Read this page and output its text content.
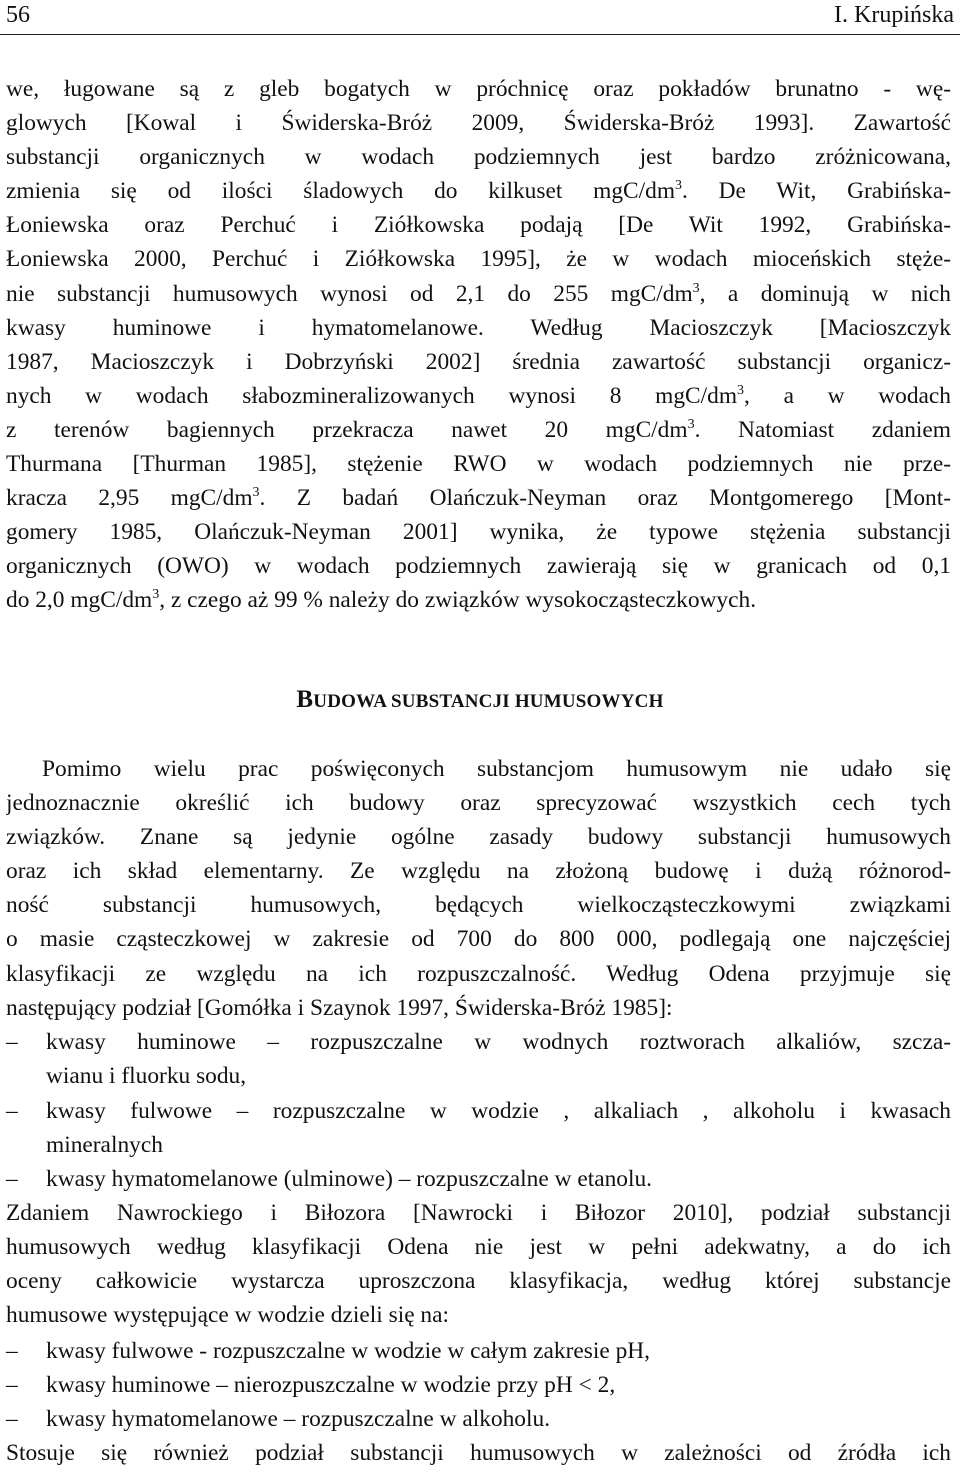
56	I. Krupińska
we, ługowane są z gleb bogatych w próchnicę oraz pokładów brunatno - wę-
glowych [Kowal i Świderska-Bróż 2009, Świderska-Bróż 1993]. Zawartość
substancji organicznych w wodach podziemnych jest bardzo zróżnicowana,
zmienia się od ilości śladowych do kilkuset mgC/$dm^3$. De Wit, Grabińska-
Łoniewska oraz Perchuć i Ziółkowska podają [De Wit 1992, Grabińska-
Łoniewska 2000, Perchuć i Ziółkowska 1995], że w wodach mioceńskich stęże-
nie substancji humusowych wynosi od 2,1 do 255 mgC/$dm^3$, a dominują w nich
kwasy huminowe i hymatomelanowe. Według Macioszczyk [Macioszczyk
1987, Macioszczyk i Dobrzyński 2002] średnia zawartość substancji organicz-
nych w wodach słabozmineralizowanych wynosi 8 mgC/$dm^3$, a w wodach
z terenów bagiennych przekracza nawet 20 mgC/$dm^3$. Natomiast zdaniem
Thurmana [Thurman 1985], stężenie RWO w wodach podziemnych nie prze-
kracza 2,95 mgC/$dm^3$. Z badań Olańczuk-Neyman oraz Montgomerego [Mont-
gomery 1985, Olańczuk-Neyman 2001] wynika, że typowe stężenia substancji
organicznych (OWO) w wodach podziemnych zawierają się w granicach od 0,1
do 2,0 mgC/$dm^3$, z czego aż 99 % należy do związków wysokocząsteczkowych.
BUDOWA SUBSTANCJI HUMUSOWYCH
Pomimo wielu prac poświęconych substancjom humusowym nie udało się
jednoznacznie określić ich budowy oraz sprecyzować wszystkich cech tych
związków. Znane są jedynie ogólne zasady budowy substancji humusowych
oraz ich skład elementarny. Ze względu na złożoną budowę i dużą różnorod-
ność substancji humusowych, będących wielkocząsteczkowymi związkami
o masie cząsteczkowej w zakresie od 700 do 800 000, podlegają one najczęściej
klasyfikacji ze względu na ich rozpuszczalność. Według Odena przyjmuje się
następujący podział [Gomółka i Szaynok 1997, Świderska-Bróż 1985]:
–	kwasy huminowe – rozpuszczalne w wodnych roztworach alkaliów, szcza-
wianu i fluorku sodu,
–	kwasy fulwowe – rozpuszczalne w wodzie , alkaliach , alkoholu i kwasach
mineralnych
–	kwasy hymatomelanowe (ulminowe) – rozpuszczalne w etanolu.
Zdaniem Nawrockiego i Biłozora [Nawrocki i Biłozor 2010], podział substancji
humusowych według klasyfikacji Odena nie jest w pełni adekwatny, a do ich
oceny całkowicie wystarcza uproszczona klasyfikacja, według której substancje
humusowe występujące w wodzie dzieli się na:
–	kwasy fulwowe - rozpuszczalne w wodzie w całym zakresie pH,
–	kwasy huminowe – nierozpuszczalne w wodzie przy pH < 2,
–	kwasy hymatomelanowe – rozpuszczalne w alkoholu.
Stosuje się również podział substancji humusowych w zależności od źródła ich
